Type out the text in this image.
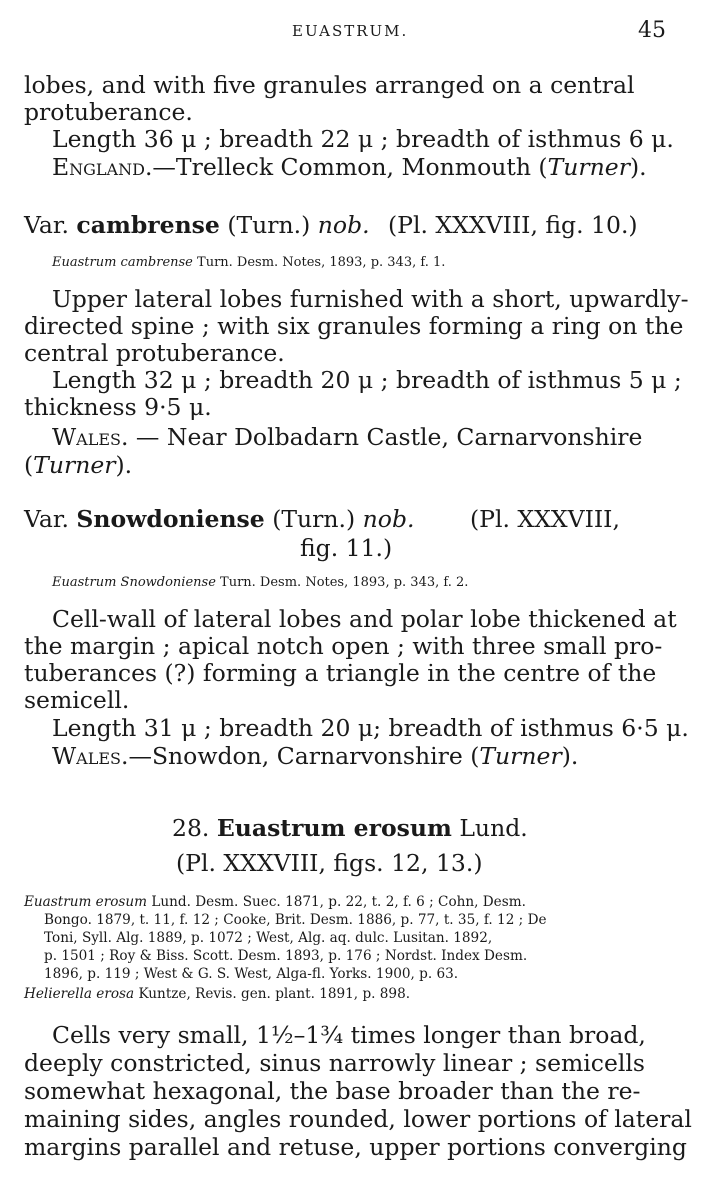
EUASTRUM.	45
lobes, and with five granules arranged on a central
protuberance.
Length 36 μ ; breadth 22 μ ; breadth of isthmus 6 μ.
England.—Trelleck Common, Monmouth (Turner).
Var. cambrense (Turn.) nob. (Pl. XXXVIII, fig. 10.)
Euastrum cambrense Turn. Desm. Notes, 1893, p. 343, f. 1.
Upper lateral lobes furnished with a short, upwardly-
directed spine ; with six granules forming a ring on the
central protuberance.
Length 32 μ ; breadth 20 μ ; breadth of isthmus 5 μ ;
thickness 9·5 μ.
Wales. — Near Dolbadarn Castle, Carnarvonshire
(Turner).
Var. Snowdoniense (Turn.) nob. (Pl. XXXVIII,
fig. 11.)
Euastrum Snowdoniense Turn. Desm. Notes, 1893, p. 343, f. 2.
Cell-wall of lateral lobes and polar lobe thickened at
the margin ; apical notch open ; with three small pro-
tuberances (?) forming a triangle in the centre of the
semicell.
Length 31 μ ; breadth 20 μ; breadth of isthmus 6·5 μ.
Wales.—Snowdon, Carnarvonshire (Turner).
28. Euastrum erosum Lund.
(Pl. XXXVIII, figs. 12, 13.)
Euastrum erosum Lund. Desm. Suec. 1871, p. 22, t. 2, f. 6 ; Cohn, Desm.
Bongo. 1879, t. 11, f. 12 ; Cooke, Brit. Desm. 1886, p. 77, t. 35, f. 12 ; De
Toni, Syll. Alg. 1889, p. 1072 ; West, Alg. aq. dulc. Lusitan. 1892,
p. 1501 ; Roy & Biss. Scott. Desm. 1893, p. 176 ; Nordst. Index Desm.
1896, p. 119 ; West & G. S. West, Alga-fl. Yorks. 1900, p. 63.
Helierella erosa Kuntze, Revis. gen. plant. 1891, p. 898.
Cells very small, 1½–1¾ times longer than broad,
deeply constricted, sinus narrowly linear ; semicells
somewhat hexagonal, the base broader than the re-
maining sides, angles rounded, lower portions of lateral
margins parallel and retuse, upper portions converging
